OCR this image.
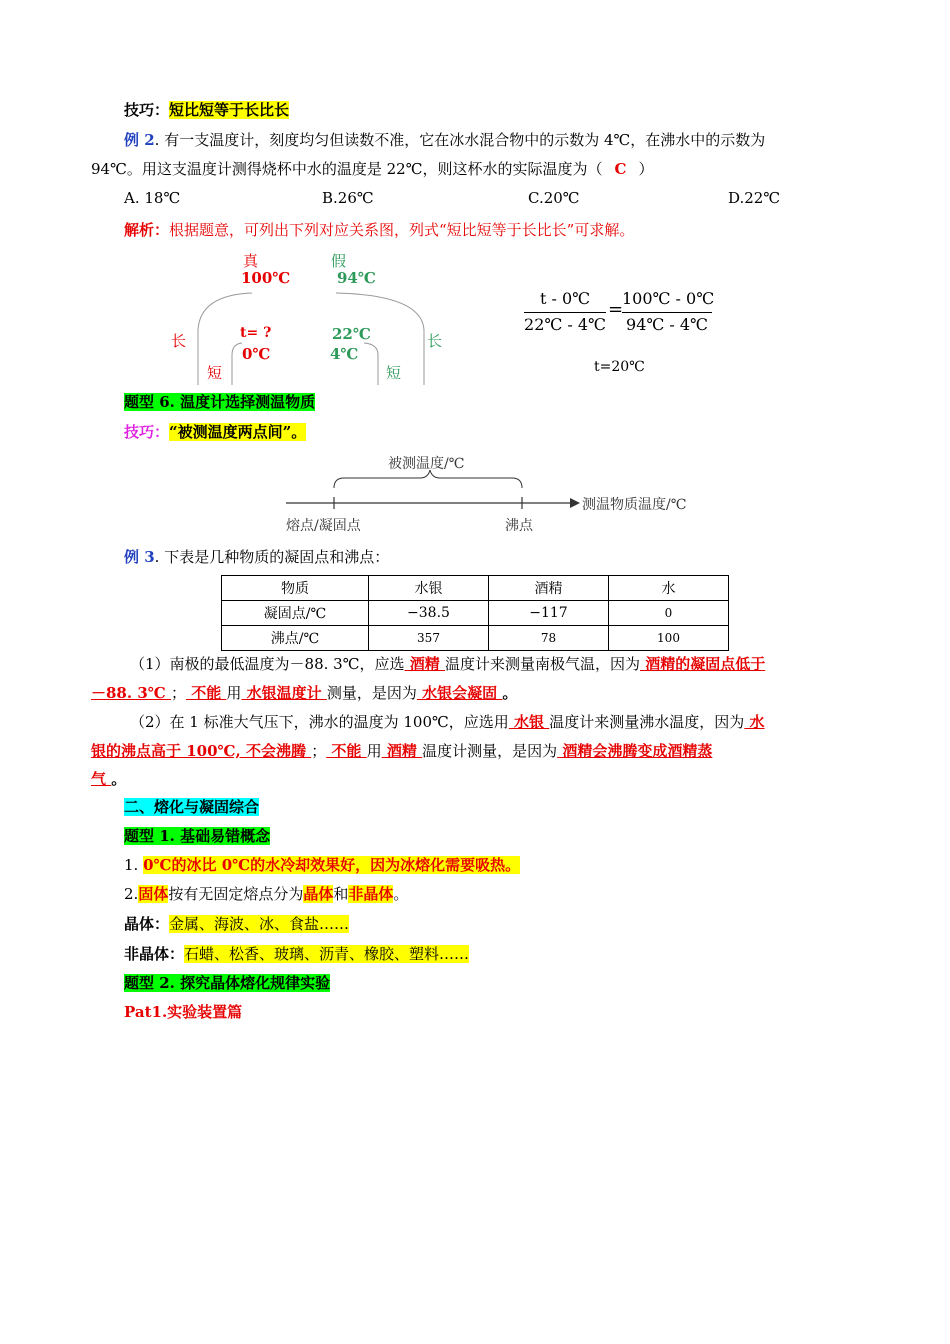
技巧：短比短等于长比长
例 2. 有一支温度计，刻度均匀但读数不准，它在冰水混合物中的示数为 4℃，在沸水中的示数为
94℃。用这支温度计测得烧杯中水的温度是 22℃，则这杯水的实际温度为（ C ）
A. 18℃	B.26℃	C.20℃	D.22℃
解析：根据题意，可列出下列对应关系图，列式“短比短等于长比长”可求解。
真	假
100℃	94℃
t= ?	22℃
0℃	4℃
长	长
短	短
t - 0℃
22℃ - 4℃
=
100℃ - 0℃
94℃ - 4℃
t=20℃
题型 6. 温度计选择测温物质
技巧：“被测温度两点间”。
被测温度/℃
熔点/凝固点	沸点
测温物质温度/℃
例 3. 下表是几种物质的凝固点和沸点：
物质	水银	酒精	水
凝固点/℃	−38.5	−117	0
沸点/℃	357	78	100
（1）南极的最低温度为－88. 3℃，应选 酒精 温度计来测量南极气温，因为 酒精的凝固点低于
－88. 3℃ ； 不能 用 水银温度计 测量，是因为 水银会凝固 。
（2）在 1 标准大气压下，沸水的温度为 100℃，应选用 水银 温度计来测量沸水温度，因为 水
银的沸点高于 100℃, 不会沸腾 ； 不能 用 酒精 温度计测量，是因为 酒精会沸腾变成酒精蒸
气 。
二、熔化与凝固综合
题型 1. 基础易错概念
1. 0℃的冰比 0℃的水冷却效果好，因为冰熔化需要吸热。
2.固体按有无固定熔点分为晶体和非晶体。
晶体：金属、海波、冰、食盐……
非晶体：石蜡、松香、玻璃、沥青、橡胶、塑料……
题型 2. 探究晶体熔化规律实验
Pat1.实验装置篇
